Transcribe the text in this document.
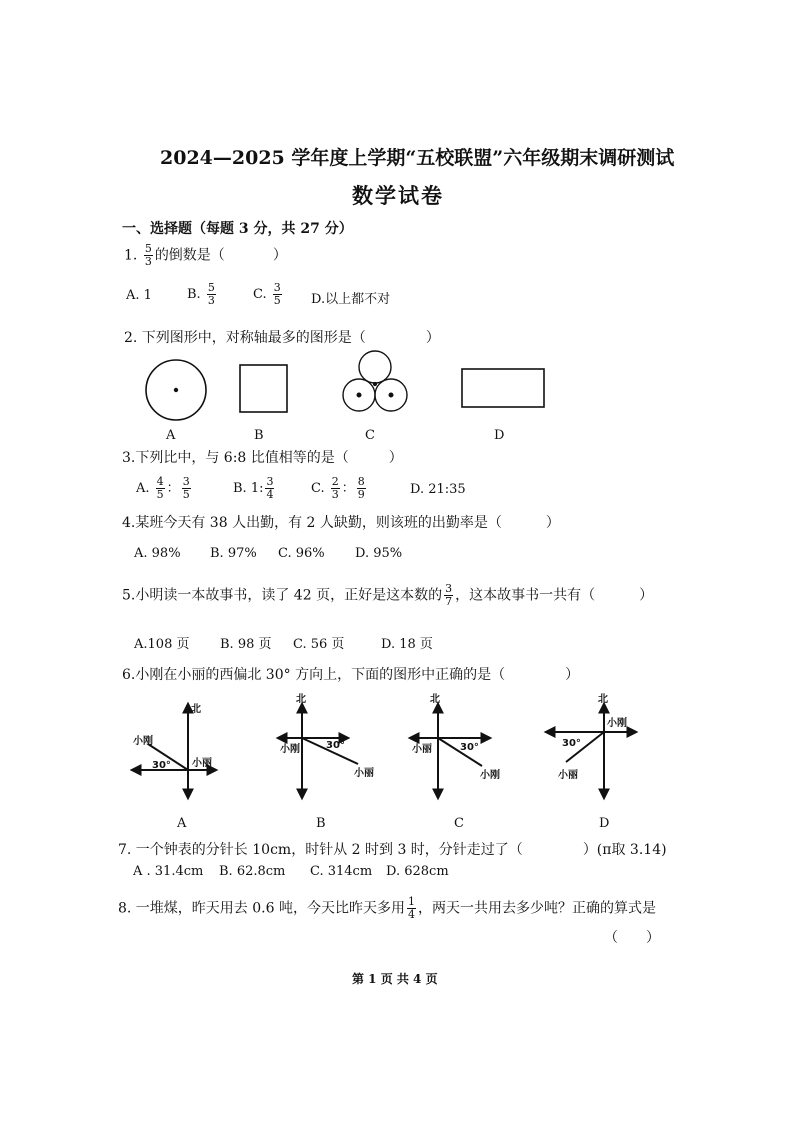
2024—2025 学年度上学期“五校联盟”六年级期末调研测试
数学试卷
一、选择题（每题 3 分，共 27 分）
1. $\frac{5}{3}$ 的倒数是（	）
A. 1	B. $\frac{5}{3}$	C. $\frac{3}{5} D$.以上都不对
2. 下列图形中，对称轴最多的图形是（	）
A	B	C	D
3.下列比中，与 6:8 比值相等的是（	）
A. $\frac{4}{5}$ ： $\frac{3}{5}$	B. 1: $\frac{3}{4}$	C. $\frac{2}{3}$ ： $\frac{8}{9}$	D. 21:35
4.某班今天有 38 人出勤，有 2 人缺勤，则该班的出勤率是（	）
A. 98% B. 97% C. 96% D. 95%
5.小明读一本故事书，读了 42 页，正好是这本数的 $\frac{3}{7}$ ，这本故事书一共有（	）
A.108 页 B. 98 页 C. 56 页	D. 18 页
6.小刚在小丽的西偏北 30° 方向上，下面的图形中正确的是（	）
北
小刚
小丽
30°
北
小刚
小丽
30°
北
小丽
小刚
30°
北
小刚
小丽
30°
A	B	C	D
7. 一个钟表的分针长 10cm，时针从 2 时到 3 时，分针走过了（	）(π取 3.14)
A . 31.4cm B. 62.8cm C. 314cm D. 628cm
8. 一堆煤，昨天用去 0.6 吨，今天比昨天多用 $\frac{1}{4}$ ，两天一共用去多少吨？正确的算式是
（　　）
第 1 页 共 4 页
